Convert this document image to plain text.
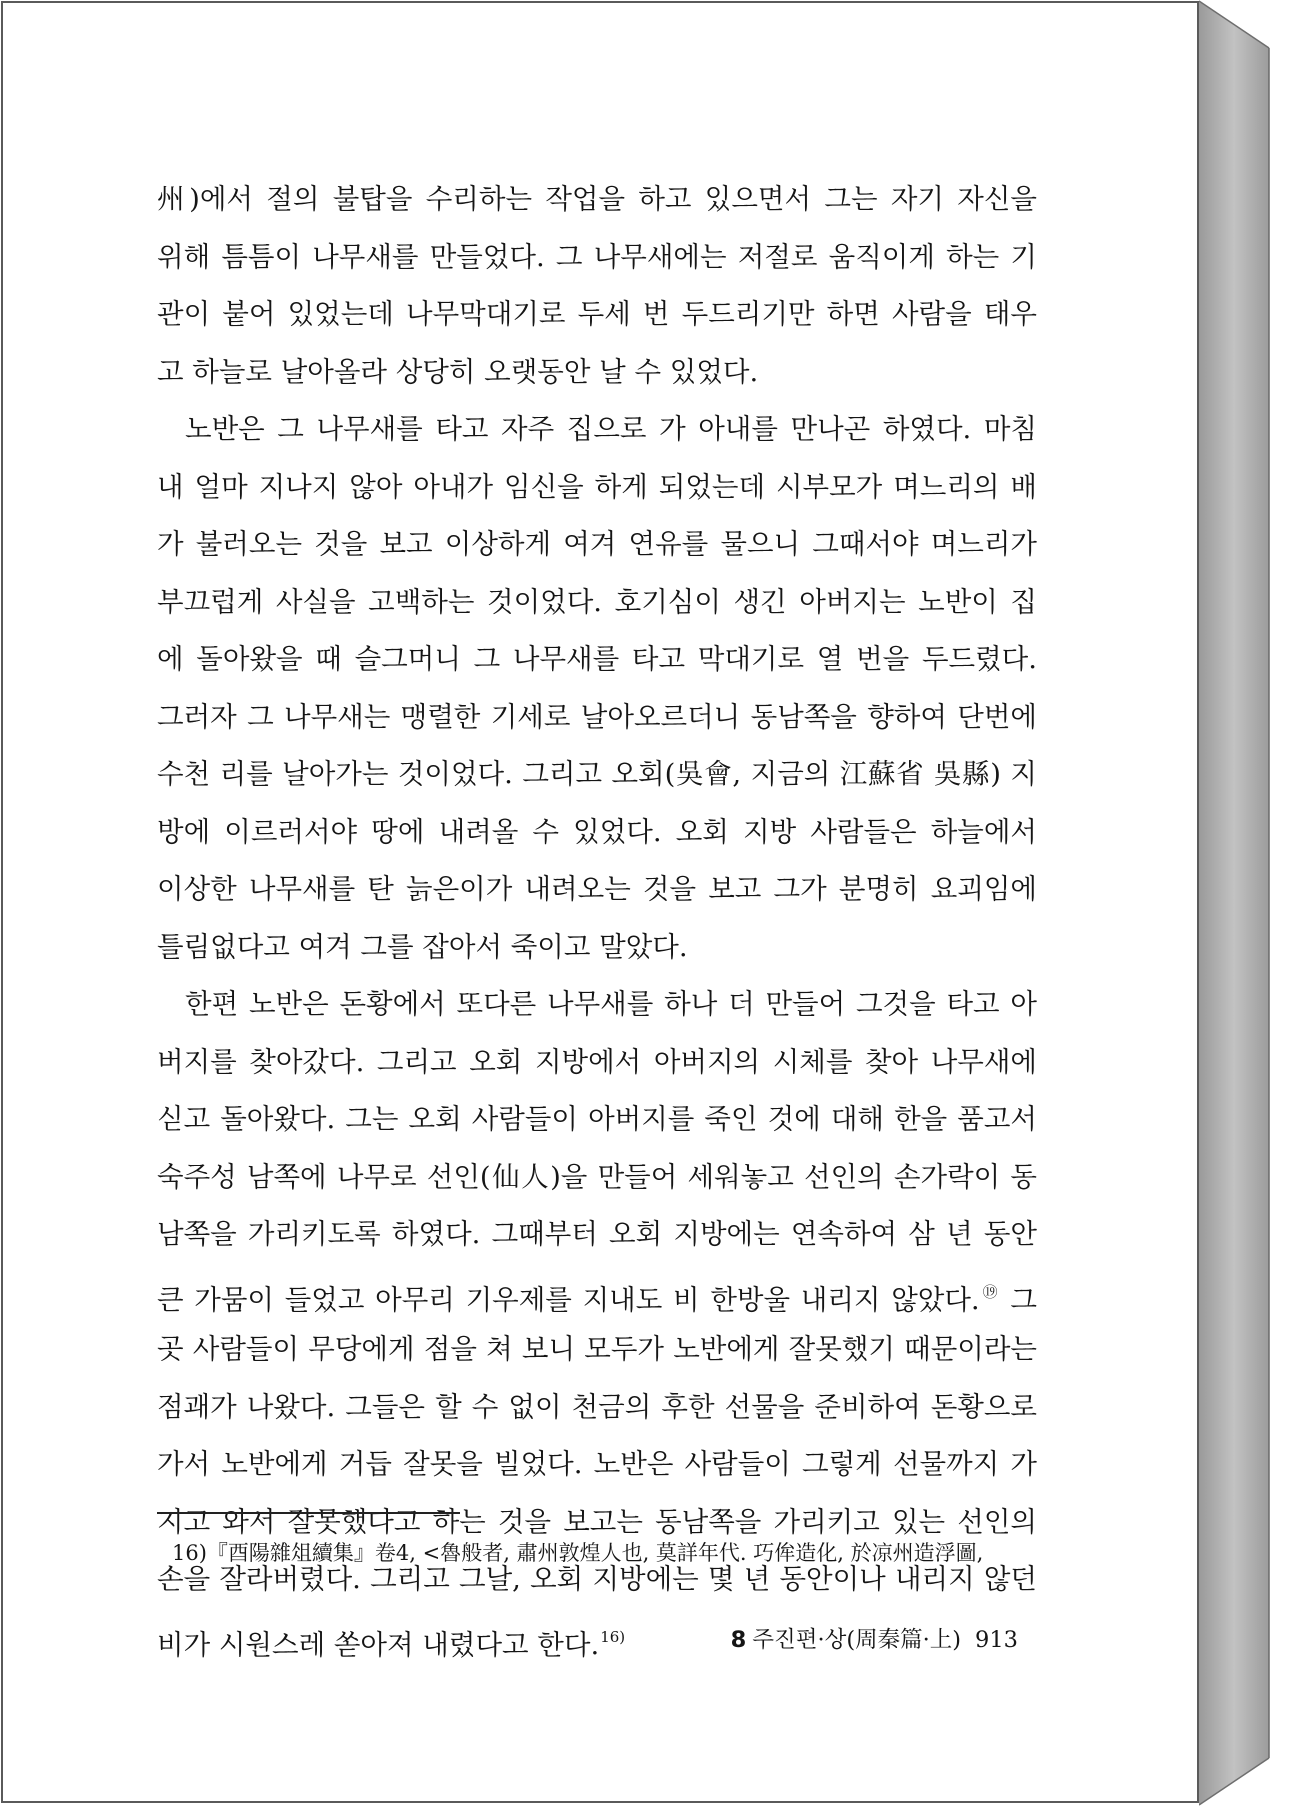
州)에서 절의 불탑을 수리하는 작업을 하고 있으면서 그는 자기 자신을
위해 틈틈이 나무새를 만들었다. 그 나무새에는 저절로 움직이게 하는 기
관이 붙어 있었는데 나무막대기로 두세 번 두드리기만 하면 사람을 태우
고 하늘로 날아올라 상당히 오랫동안 날 수 있었다.
노반은 그 나무새를 타고 자주 집으로 가 아내를 만나곤 하였다. 마침
내 얼마 지나지 않아 아내가 임신을 하게 되었는데 시부모가 며느리의 배
가 불러오는 것을 보고 이상하게 여겨 연유를 물으니 그때서야 며느리가
부끄럽게 사실을 고백하는 것이었다. 호기심이 생긴 아버지는 노반이 집
에 돌아왔을 때 슬그머니 그 나무새를 타고 막대기로 열 번을 두드렸다.
그러자 그 나무새는 맹렬한 기세로 날아오르더니 동남쪽을 향하여 단번에
수천 리를 날아가는 것이었다. 그리고 오회(吳會, 지금의 江蘇省 吳縣) 지
방에 이르러서야 땅에 내려올 수 있었다. 오회 지방 사람들은 하늘에서
이상한 나무새를 탄 늙은이가 내려오는 것을 보고 그가 분명히 요괴임에
틀림없다고 여겨 그를 잡아서 죽이고 말았다.
한편 노반은 돈황에서 또다른 나무새를 하나 더 만들어 그것을 타고 아
버지를 찾아갔다. 그리고 오회 지방에서 아버지의 시체를 찾아 나무새에
싣고 돌아왔다. 그는 오회 사람들이 아버지를 죽인 것에 대해 한을 품고서
숙주성 남쪽에 나무로 선인(仙人)을 만들어 세워놓고 선인의 손가락이 동
남쪽을 가리키도록 하였다. 그때부터 오회 지방에는 연속하여 삼 년 동안
큰 가뭄이 들었고 아무리 기우제를 지내도 비 한방울 내리지 않았다.⑲ 그
곳 사람들이 무당에게 점을 쳐 보니 모두가 노반에게 잘못했기 때문이라는
점괘가 나왔다. 그들은 할 수 없이 천금의 후한 선물을 준비하여 돈황으로
가서 노반에게 거듭 잘못을 빌었다. 노반은 사람들이 그렇게 선물까지 가
지고 와서 잘못했다고 하는 것을 보고는 동남쪽을 가리키고 있는 선인의
손을 잘라버렸다. 그리고 그날, 오회 지방에는 몇 년 동안이나 내리지 않던
비가 시원스레 쏟아져 내렸다고 한다.$^{16)}$
16)『酉陽雜俎續集』卷4, <魯般者, 肅州敦煌人也, 莫詳年代. 巧侔造化, 於凉州造浮圖,
8 주진편·상(周秦篇·上) 913
